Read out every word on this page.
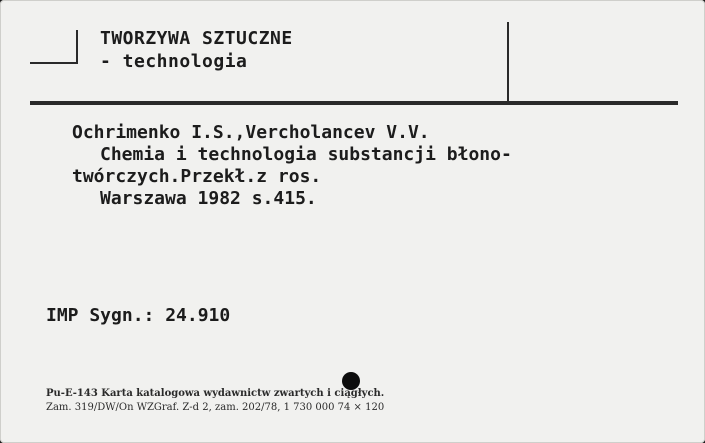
TWORZYWA SZTUCZNE
- technologia
Ochrimenko I.S.,Vercholancev V.V.
Chemia i technologia substancji błono-
twórczych.Przekł.z ros.
Warszawa 1982 s.415.
IMP Sygn.: 24.910
Pu-E-143 Karta katalogowa wydawnictw zwartych i ciągłych.
Zam. 319/DW/On WZGraf. Z-d 2, zam. 202/78, 1 730 000 74 × 120
